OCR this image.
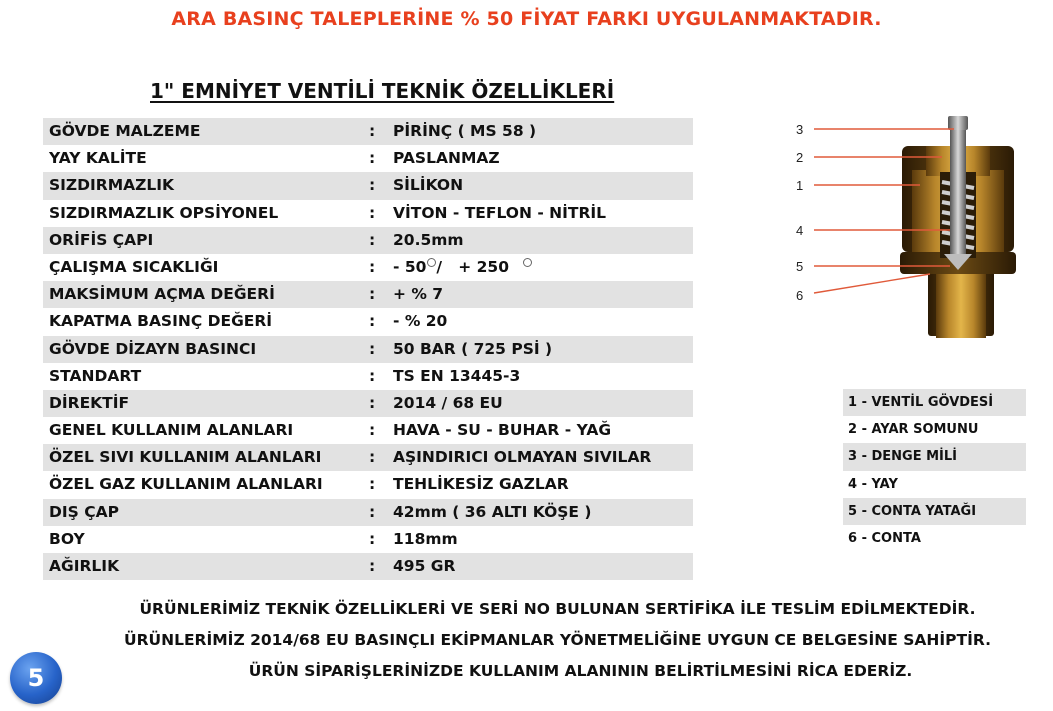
ARA BASINÇ TALEPLERİNE % 50 FİYAT FARKI UYGULANMAKTADIR.
1" EMNİYET VENTİLİ TEKNİK ÖZELLİKLERİ
GÖVDE MALZEME	: PİRİNÇ ( MS 58 )
YAY KALİTE	: PASLANMAZ
SIZDIRMAZLIK	: SİLİKON
SIZDIRMAZLIK OPSİYONEL	: VİTON - TEFLON - NİTRİL
ORİFİS ÇAPI	: 20.5mm
ÇALIŞMA SICAKLIĞI	: - 50 /   + 250
MAKSİMUM AÇMA DEĞERİ	: + % 7
KAPATMA BASINÇ DEĞERİ	: - % 20
GÖVDE DİZAYN BASINCI	: 50 BAR ( 725 PSİ )
STANDART	: TS EN 13445-3
DİREKTİF	: 2014 / 68 EU
GENEL KULLANIM ALANLARI	: HAVA - SU - BUHAR - YAĞ
ÖZEL SIVI KULLANIM ALANLARI	: AŞINDIRICI OLMAYAN SIVILAR
ÖZEL GAZ KULLANIM ALANLARI	: TEHLİKESİZ GAZLAR
DIŞ ÇAP	: 42mm ( 36 ALTI KÖŞE )
BOY	: 118mm
AĞIRLIK	: 495 GR
3
2
1
4
5
6
1 - VENTİL GÖVDESİ
2 - AYAR SOMUNU
3 - DENGE MİLİ
4 - YAY
5 - CONTA YATAĞI
6 - CONTA
ÜRÜNLERİMİZ TEKNİK ÖZELLİKLERİ VE SERİ NO BULUNAN SERTİFİKA İLE TESLİM EDİLMEKTEDİR.
ÜRÜNLERİMİZ 2014/68 EU BASINÇLI EKİPMANLAR YÖNETMELİĞİNE UYGUN CE BELGESİNE SAHİPTİR.
ÜRÜN SİPARİŞLERİNİZDE KULLANIM ALANININ BELİRTİLMESİNİ RİCA EDERİZ.
5
